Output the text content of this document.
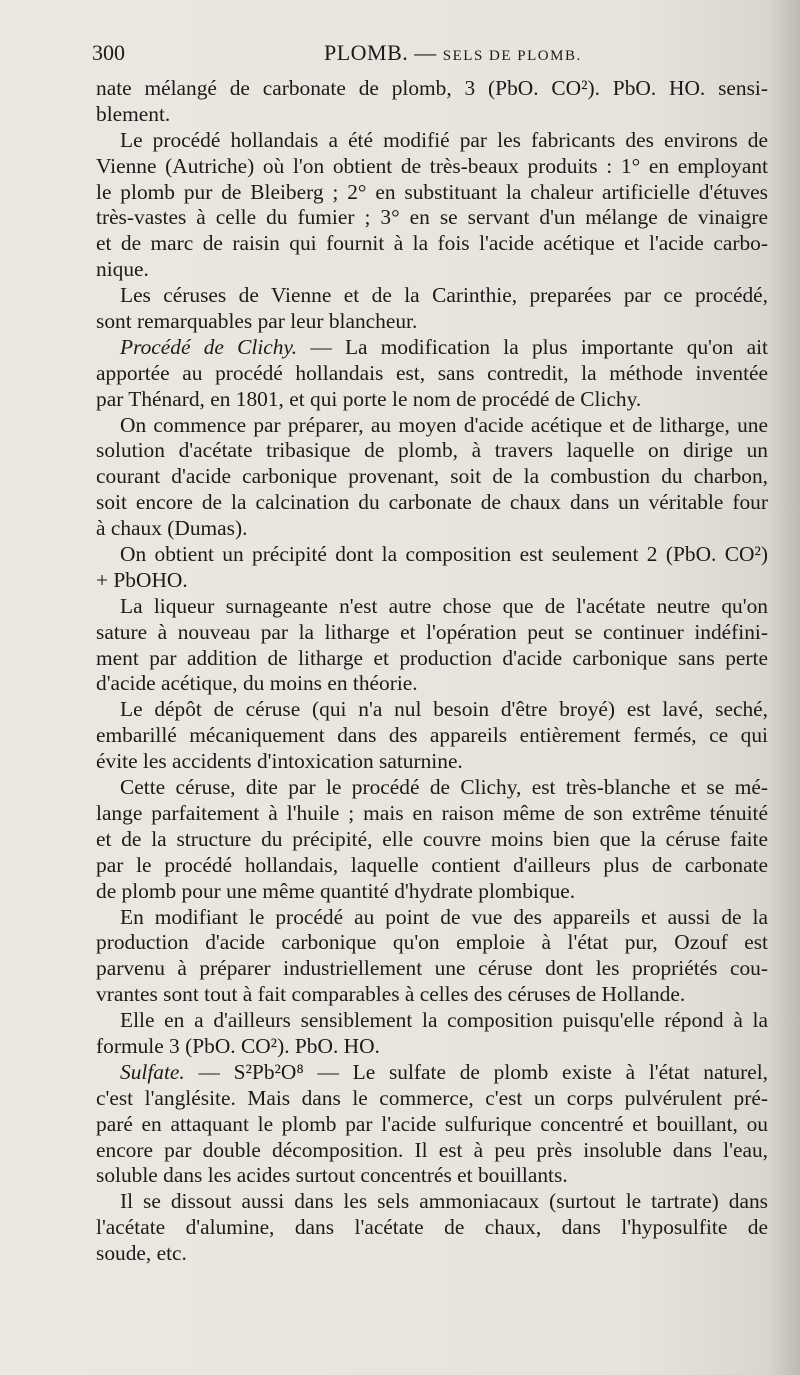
300	PLOMB. — SELS DE PLOMB.
nate mélangé de carbonate de plomb, 3 (PbO. CO²). PbO. HO. sensi-
blement.
Le procédé hollandais a été modifié par les fabricants des environs de
Vienne (Autriche) où l'on obtient de très-beaux produits : 1° en employant
le plomb pur de Bleiberg ; 2° en substituant la chaleur artificielle d'étuves
très-vastes à celle du fumier ; 3° en se servant d'un mélange de vinaigre
et de marc de raisin qui fournit à la fois l'acide acétique et l'acide carbo-
nique.
Les céruses de Vienne et de la Carinthie, preparées par ce procédé,
sont remarquables par leur blancheur.
Procédé de Clichy. — La modification la plus importante qu'on ait
apportée au procédé hollandais est, sans contredit, la méthode inventée
par Thénard, en 1801, et qui porte le nom de procédé de Clichy.
On commence par préparer, au moyen d'acide acétique et de litharge, une
solution d'acétate tribasique de plomb, à travers laquelle on dirige un
courant d'acide carbonique provenant, soit de la combustion du charbon,
soit encore de la calcination du carbonate de chaux dans un véritable four
à chaux (Dumas).
On obtient un précipité dont la composition est seulement 2 (PbO. CO²)
+ PbOHO.
La liqueur surnageante n'est autre chose que de l'acétate neutre qu'on
sature à nouveau par la litharge et l'opération peut se continuer indéfini-
ment par addition de litharge et production d'acide carbonique sans perte
d'acide acétique, du moins en théorie.
Le dépôt de céruse (qui n'a nul besoin d'être broyé) est lavé, seché,
embarillé mécaniquement dans des appareils entièrement fermés, ce qui
évite les accidents d'intoxication saturnine.
Cette céruse, dite par le procédé de Clichy, est très-blanche et se mé-
lange parfaitement à l'huile ; mais en raison même de son extrême ténuité
et de la structure du précipité, elle couvre moins bien que la céruse faite
par le procédé hollandais, laquelle contient d'ailleurs plus de carbonate
de plomb pour une même quantité d'hydrate plombique.
En modifiant le procédé au point de vue des appareils et aussi de la
production d'acide carbonique qu'on emploie à l'état pur, Ozouf est
parvenu à préparer industriellement une céruse dont les propriétés cou-
vrantes sont tout à fait comparables à celles des céruses de Hollande.
Elle en a d'ailleurs sensiblement la composition puisqu'elle répond à la
formule 3 (PbO. CO²). PbO. HO.
Sulfate. — S²Pb²O⁸ — Le sulfate de plomb existe à l'état naturel,
c'est l'anglésite. Mais dans le commerce, c'est un corps pulvérulent pré-
paré en attaquant le plomb par l'acide sulfurique concentré et bouillant, ou
encore par double décomposition. Il est à peu près insoluble dans l'eau,
soluble dans les acides surtout concentrés et bouillants.
Il se dissout aussi dans les sels ammoniacaux (surtout le tartrate) dans
l'acétate d'alumine, dans l'acétate de chaux, dans l'hyposulfite de
soude, etc.
